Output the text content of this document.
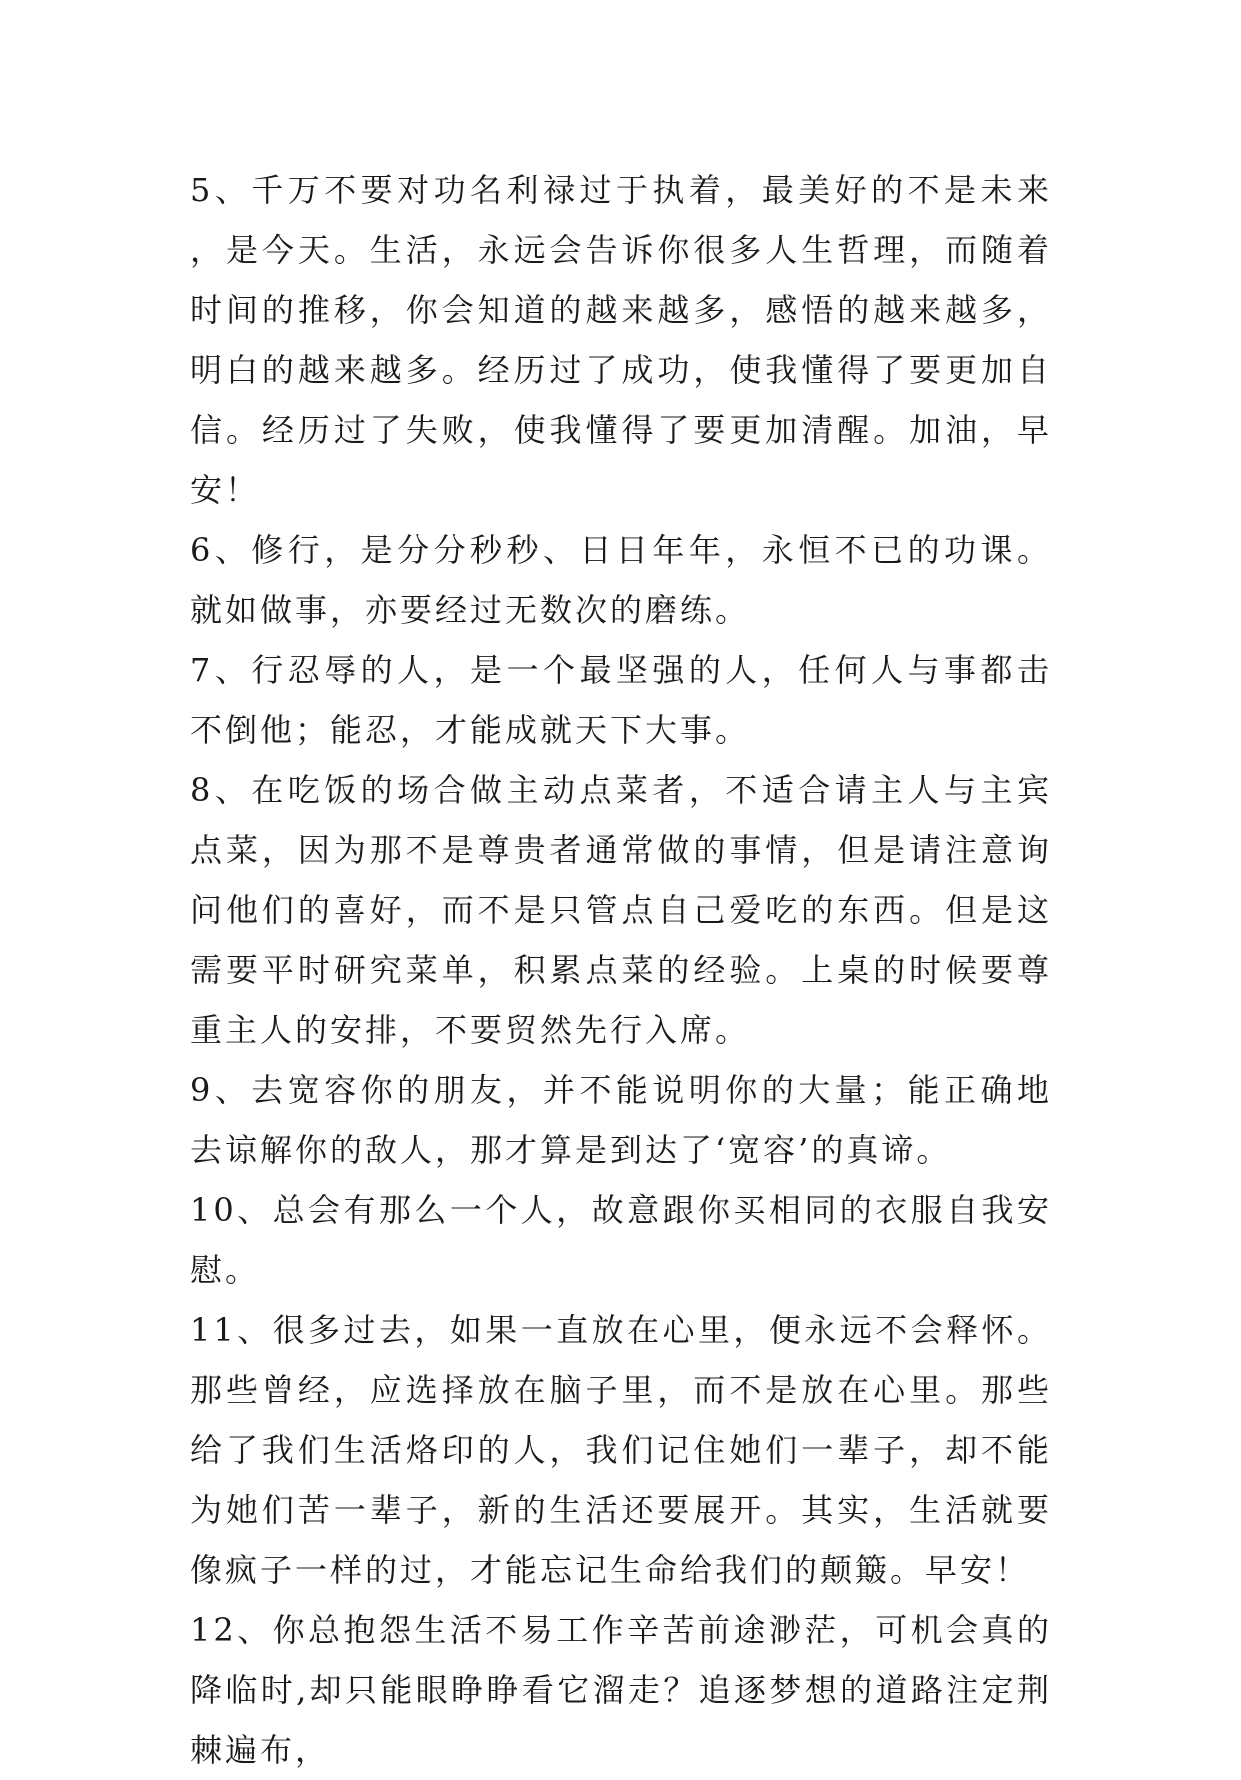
5、千万不要对功名利禄过于执着，最美好的不是未来，是今天。生活，永远会告诉你很多人生哲理，而随着时间的推移，你会知道的越来越多，感悟的越来越多，明白的越来越多。经历过了成功，使我懂得了要更加自信。经历过了失败，使我懂得了要更加清醒。加油，早安！

6、修行，是分分秒秒、日日年年，永恒不已的功课。就如做事，亦要经过无数次的磨练。

7、行忍辱的人，是一个最坚强的人，任何人与事都击不倒他；能忍，才能成就天下大事。

8、在吃饭的场合做主动点菜者，不适合请主人与主宾点菜，因为那不是尊贵者通常做的事情，但是请注意询问他们的喜好，而不是只管点自己爱吃的东西。但是这需要平时研究菜单，积累点菜的经验。上桌的时候要尊重主人的安排，不要贸然先行入席。

9、去宽容你的朋友，并不能说明你的大量；能正确地去谅解你的敌人，那才算是到达了‘宽容’的真谛。

10、总会有那么一个人，故意跟你买相同的衣服自我安慰。

11、很多过去，如果一直放在心里，便永远不会释怀。那些曾经，应选择放在脑子里，而不是放在心里。那些给了我们生活烙印的人，我们记住她们一辈子，却不能为她们苦一辈子，新的生活还要展开。其实，生活就要像疯子一样的过，才能忘记生命给我们的颠簸。早安！

12、你总抱怨生活不易工作辛苦前途渺茫，可机会真的降临时,却只能眼睁睁看它溜走？追逐梦想的道路注定荆棘遍布，
